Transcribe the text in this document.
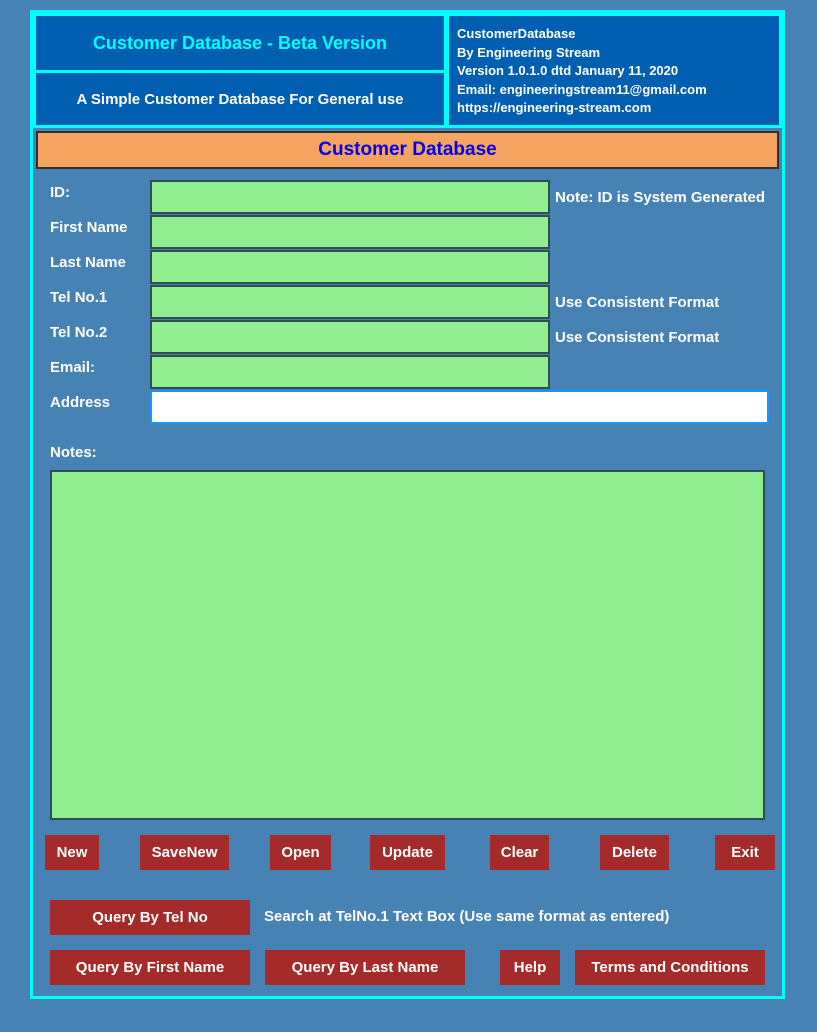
Customer Database - Beta Version
A Simple Customer Database For General use
CustomerDatabase
By Engineering Stream
Version 1.0.1.0 dtd January 11, 2020
Email: engineeringstream11@gmail.com
https://engineering-stream.com
Customer Database
ID:	Note: ID is System Generated
First Name
Last Name
Tel No.1	Use Consistent Format
Tel No.2	Use Consistent Format
Email:
Address
Notes:
New	SaveNew	Open	Update	Clear	Delete	Exit
Query By Tel No	Search at TelNo.1 Text Box (Use same format as entered)
Query By First Name	Query By Last Name	Help	Terms and Conditions
